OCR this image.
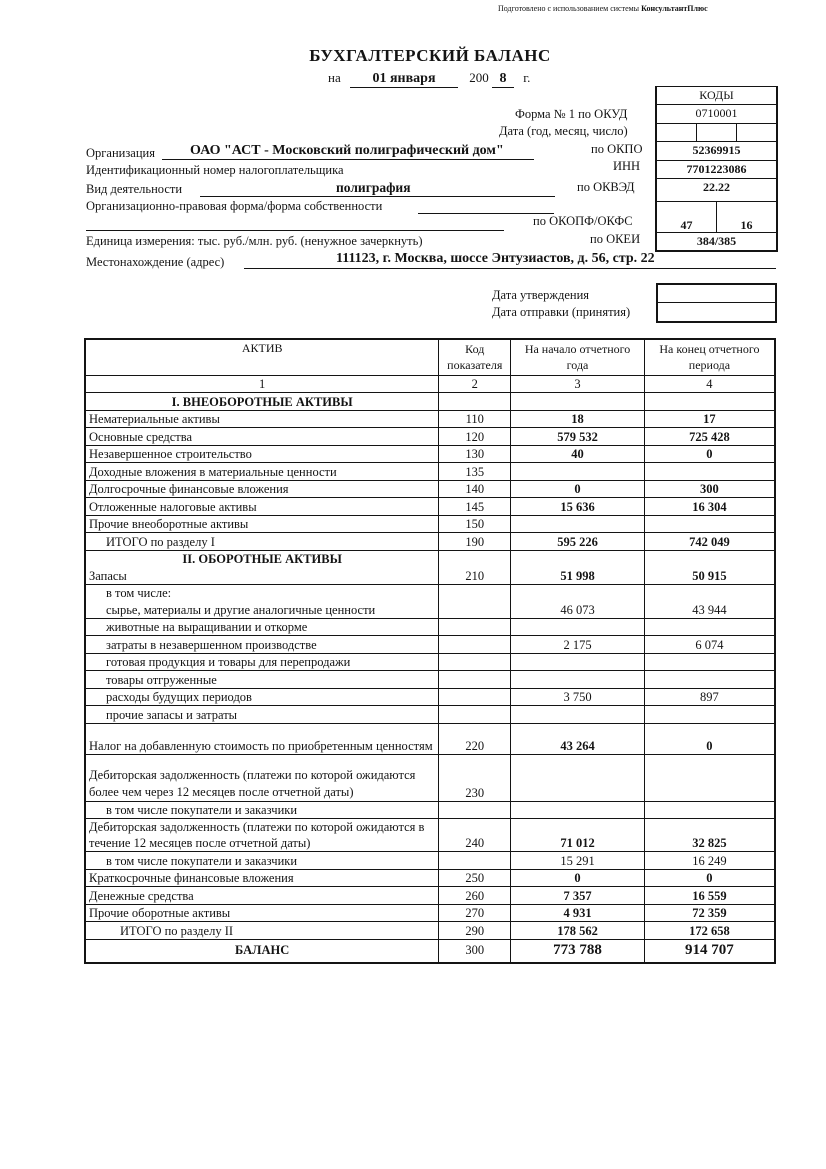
Подготовлено с использованием системы КонсультантПлюс
БУХГАЛТЕРСКИЙ БАЛАНС
на 01 января	200 8 г.
Форма № 1 по ОКУД
Дата (год, месяц, число)
по ОКПО
ИНН
по ОКВЭД
по ОКОПФ/ОКФС
по ОКЕИ
КОДЫ
0710001
52369915
7701223086
22.22
47	16
384/385
Организация	ОАО "АСТ - Московский полиграфический дом"
Идентификационный номер налогоплательщика
Вид деятельности	полиграфия
Организационно-правовая форма/форма собственности
Единица измерения: тыс. руб./млн. руб. (ненужное зачеркнуть)
Местонахождение (адрес)	111123, г. Москва, шоссе Энтузиастов, д. 56, стр. 22
Дата утверждения
Дата отправки (принятия)
АКТИВ	Код показателя	На начало отчетного года	На конец отчетного периода
1	2	3	4
I. ВНЕОБОРОТНЫЕ АКТИВЫ			
Нематериальные активы	110	18	17
Основные средства	120	579 532	725 428
Незавершенное строительство	130	40	0
Доходные вложения в материальные ценности	135		
Долгосрочные финансовые вложения	140	0	300
Отложенные налоговые активы	145	15 636	16 304
Прочие внеоборотные активы	150		
ИТОГО по разделу I	190	595 226	742 049
II. ОБОРОТНЫЕ АКТИВЫ			
Запасы	210	51 998	50 915
в том числе:			
сырье, материалы и другие аналогичные ценности		46 073	43 944
животные на выращивании и откорме			
затраты в незавершенном производстве		2 175	6 074
готовая продукция и товары для перепродажи			
товары отгруженные			
расходы будущих периодов		3 750	897
прочие запасы и затраты			
Налог на добавленную стоимость по приобретенным ценностям	220	43 264	0
Дебиторская задолженность (платежи по которой ожидаются более чем через 12 месяцев после отчетной даты)	230		
в том числе покупатели и заказчики			
Дебиторская задолженность (платежи по которой ожидаются в течение 12 месяцев после отчетной даты)	240	71 012	32 825
в том числе покупатели и заказчики		15 291	16 249
Краткосрочные финансовые вложения	250	0	0
Денежные средства	260	7 357	16 559
Прочие оборотные активы	270	4 931	72 359
ИТОГО по разделу II	290	178 562	172 658
БАЛАНС	300	773 788	914 707
